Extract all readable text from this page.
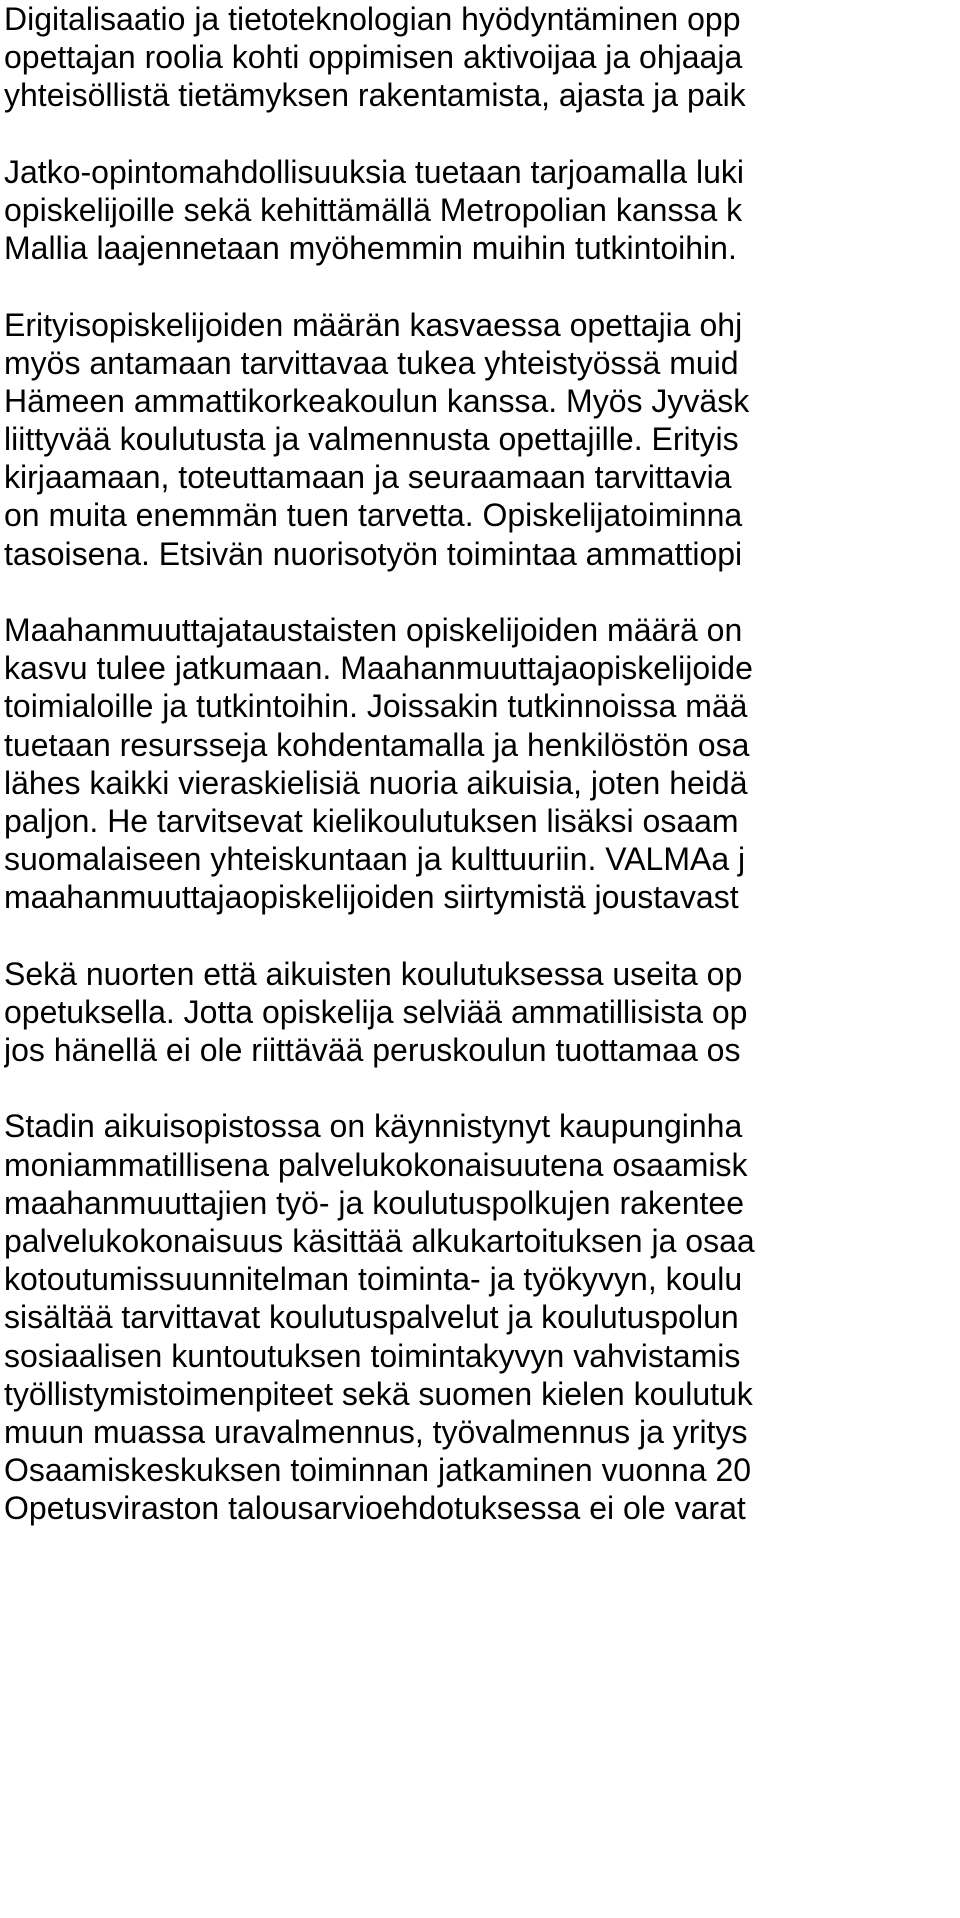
Digitalisaatio ja tietoteknologian hyödyntäminen opp
opettajan roolia kohti oppimisen aktivoijaa ja ohjaaja
yhteisöllistä tietämyksen rakentamista, ajasta ja paik
Jatko-opintomahdollisuuksia tuetaan tarjoamalla luki
opiskelijoille sekä kehittämällä Metropolian kanssa k
Mallia laajennetaan myöhemmin muihin tutkintoihin.
Erityisopiskelijoiden määrän kasvaessa opettajia ohj
myös antamaan tarvittavaa tukea yhteistyössä muid
Hämeen ammattikorkeakoulun kanssa. Myös Jyväsk
liittyvää koulutusta ja valmennusta opettajille. Erityis
kirjaamaan, toteuttamaan ja seuraamaan tarvittavia
on muita enemmän tuen tarvetta. Opiskelijatoiminna
tasoisena. Etsivän nuorisotyön toimintaa ammattiopi
Maahanmuuttajataustaisten opiskelijoiden määrä on
kasvu tulee jatkumaan. Maahanmuuttajaopiskelijoide
toimialoille ja tutkintoihin. Joissakin tutkinnoissa mää
tuetaan resursseja kohdentamalla ja henkilöstön osa
lähes kaikki vieraskielisiä nuoria aikuisia, joten heidä
paljon. He tarvitsevat kielikoulutuksen lisäksi osaam
suomalaiseen yhteiskuntaan ja kulttuuriin. VALMAa j
maahanmuuttajaopiskelijoiden siirtymistä joustavast
Sekä nuorten että aikuisten koulutuksessa useita op
opetuksella. Jotta opiskelija selviää ammatillisista op
jos hänellä ei ole riittävää peruskoulun tuottamaa os
Stadin aikuisopistossa on käynnistynyt kaupunginha
moniammatillisena palvelukokonaisuutena osaamisk
maahanmuuttajien työ- ja koulutuspolkujen rakentee
palvelukokonaisuus käsittää alkukartoituksen ja osaa
kotoutumissuunnitelman toiminta- ja työkyvyn, koulu
sisältää tarvittavat koulutuspalvelut ja koulutuspolun
sosiaalisen kuntoutuksen toimintakyvyn vahvistamis
työllistymistoimenpiteet sekä suomen kielen koulutuk
muun muassa uravalmennus, työvalmennus ja yritys
Osaamiskeskuksen toiminnan jatkaminen vuonna 20
Opetusviraston talousarvioehdotuksessa ei ole varat
